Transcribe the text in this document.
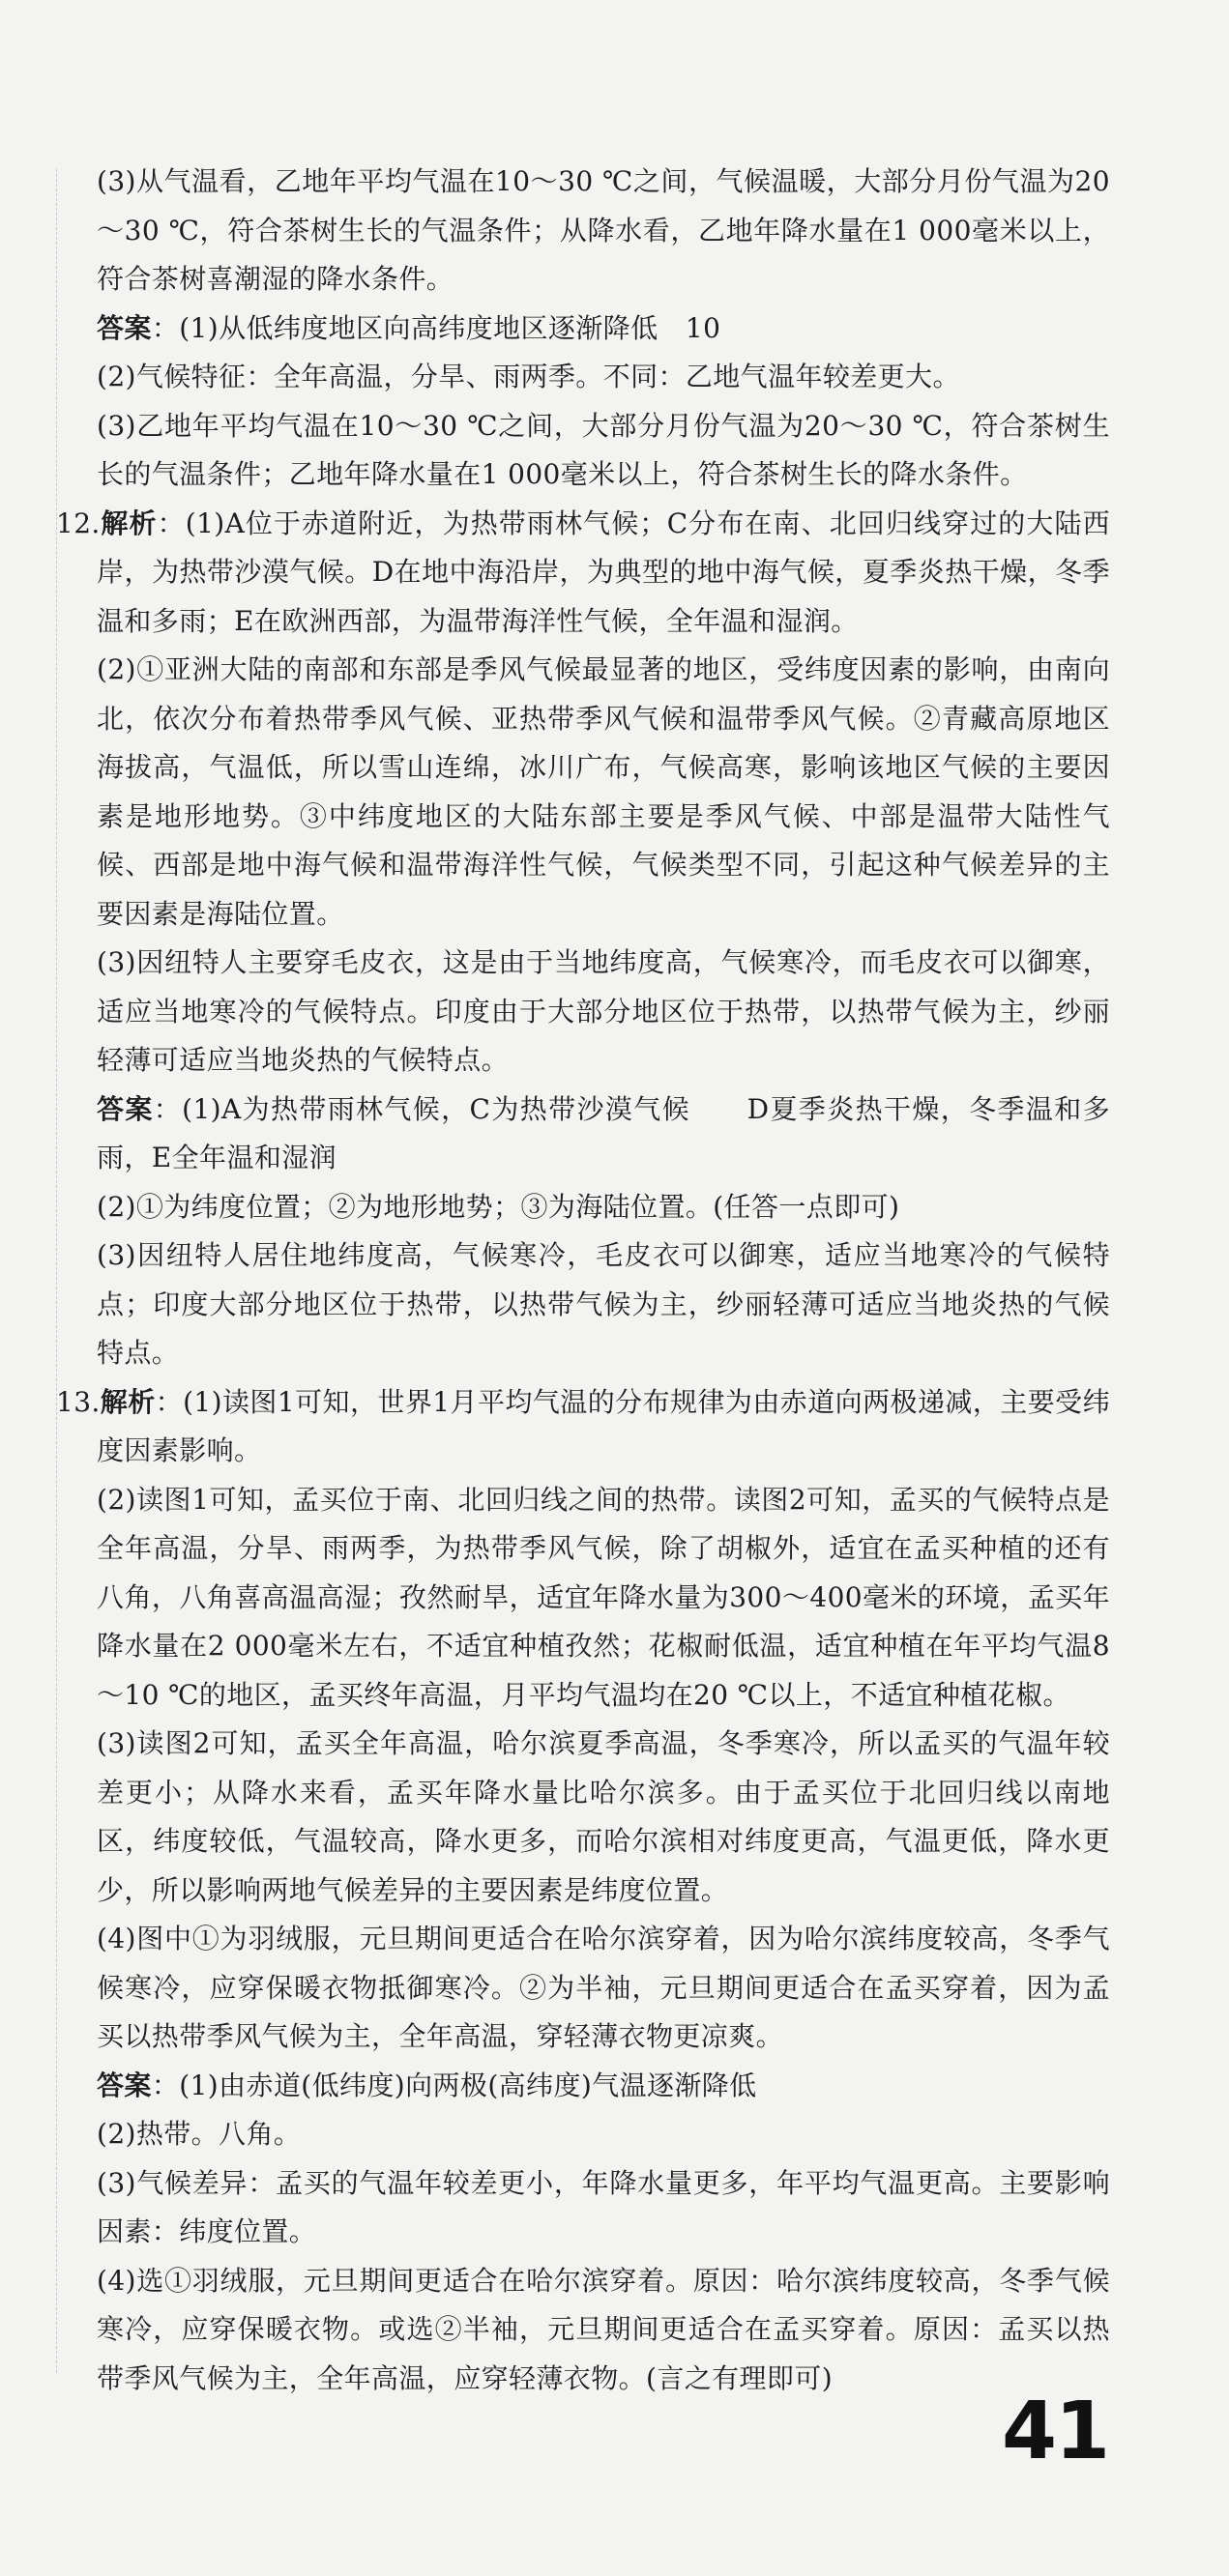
(3)从气温看，乙地年平均气温在10～30 ℃之间，气候温暖，大部分月份气温为20～30 ℃，符合茶树生长的气温条件；从降水看，乙地年降水量在1 000毫米以上，符合茶树喜潮湿的降水条件。

答案：(1)从低纬度地区向高纬度地区逐渐降低　10

(2)气候特征：全年高温，分旱、雨两季。不同：乙地气温年较差更大。

(3)乙地年平均气温在10～30 ℃之间，大部分月份气温为20～30 ℃，符合茶树生长的气温条件；乙地年降水量在1 000毫米以上，符合茶树生长的降水条件。

12.解析：(1)A位于赤道附近，为热带雨林气候；C分布在南、北回归线穿过的大陆西岸，为热带沙漠气候。D在地中海沿岸，为典型的地中海气候，夏季炎热干燥，冬季温和多雨；E在欧洲西部，为温带海洋性气候，全年温和湿润。

(2)①亚洲大陆的南部和东部是季风气候最显著的地区，受纬度因素的影响，由南向北，依次分布着热带季风气候、亚热带季风气候和温带季风气候。②青藏高原地区海拔高，气温低，所以雪山连绵，冰川广布，气候高寒，影响该地区气候的主要因素是地形地势。③中纬度地区的大陆东部主要是季风气候、中部是温带大陆性气候、西部是地中海气候和温带海洋性气候，气候类型不同，引起这种气候差异的主要因素是海陆位置。

(3)因纽特人主要穿毛皮衣，这是由于当地纬度高，气候寒冷，而毛皮衣可以御寒，适应当地寒冷的气候特点。印度由于大部分地区位于热带，以热带气候为主，纱丽轻薄可适应当地炎热的气候特点。

答案：(1)A为热带雨林气候，C为热带沙漠气候　　D夏季炎热干燥，冬季温和多雨，E全年温和湿润

(2)①为纬度位置；②为地形地势；③为海陆位置。(任答一点即可)

(3)因纽特人居住地纬度高，气候寒冷，毛皮衣可以御寒，适应当地寒冷的气候特点；印度大部分地区位于热带，以热带气候为主，纱丽轻薄可适应当地炎热的气候特点。

13.解析：(1)读图1可知，世界1月平均气温的分布规律为由赤道向两极递减，主要受纬度因素影响。

(2)读图1可知，孟买位于南、北回归线之间的热带。读图2可知，孟买的气候特点是全年高温，分旱、雨两季，为热带季风气候，除了胡椒外，适宜在孟买种植的还有八角，八角喜高温高湿；孜然耐旱，适宜年降水量为300～400毫米的环境，孟买年降水量在2 000毫米左右，不适宜种植孜然；花椒耐低温，适宜种植在年平均气温8～10 ℃的地区，孟买终年高温，月平均气温均在20 ℃以上，不适宜种植花椒。

(3)读图2可知，孟买全年高温，哈尔滨夏季高温，冬季寒冷，所以孟买的气温年较差更小；从降水来看，孟买年降水量比哈尔滨多。由于孟买位于北回归线以南地区，纬度较低，气温较高，降水更多，而哈尔滨相对纬度更高，气温更低，降水更少，所以影响两地气候差异的主要因素是纬度位置。

(4)图中①为羽绒服，元旦期间更适合在哈尔滨穿着，因为哈尔滨纬度较高，冬季气候寒冷，应穿保暖衣物抵御寒冷。②为半袖，元旦期间更适合在孟买穿着，因为孟买以热带季风气候为主，全年高温，穿轻薄衣物更凉爽。

答案：(1)由赤道(低纬度)向两极(高纬度)气温逐渐降低

(2)热带。八角。

(3)气候差异：孟买的气温年较差更小，年降水量更多，年平均气温更高。主要影响因素：纬度位置。

(4)选①羽绒服，元旦期间更适合在哈尔滨穿着。原因：哈尔滨纬度较高，冬季气候寒冷，应穿保暖衣物。或选②半袖，元旦期间更适合在孟买穿着。原因：孟买以热带季风气候为主，全年高温，应穿轻薄衣物。(言之有理即可)

41
